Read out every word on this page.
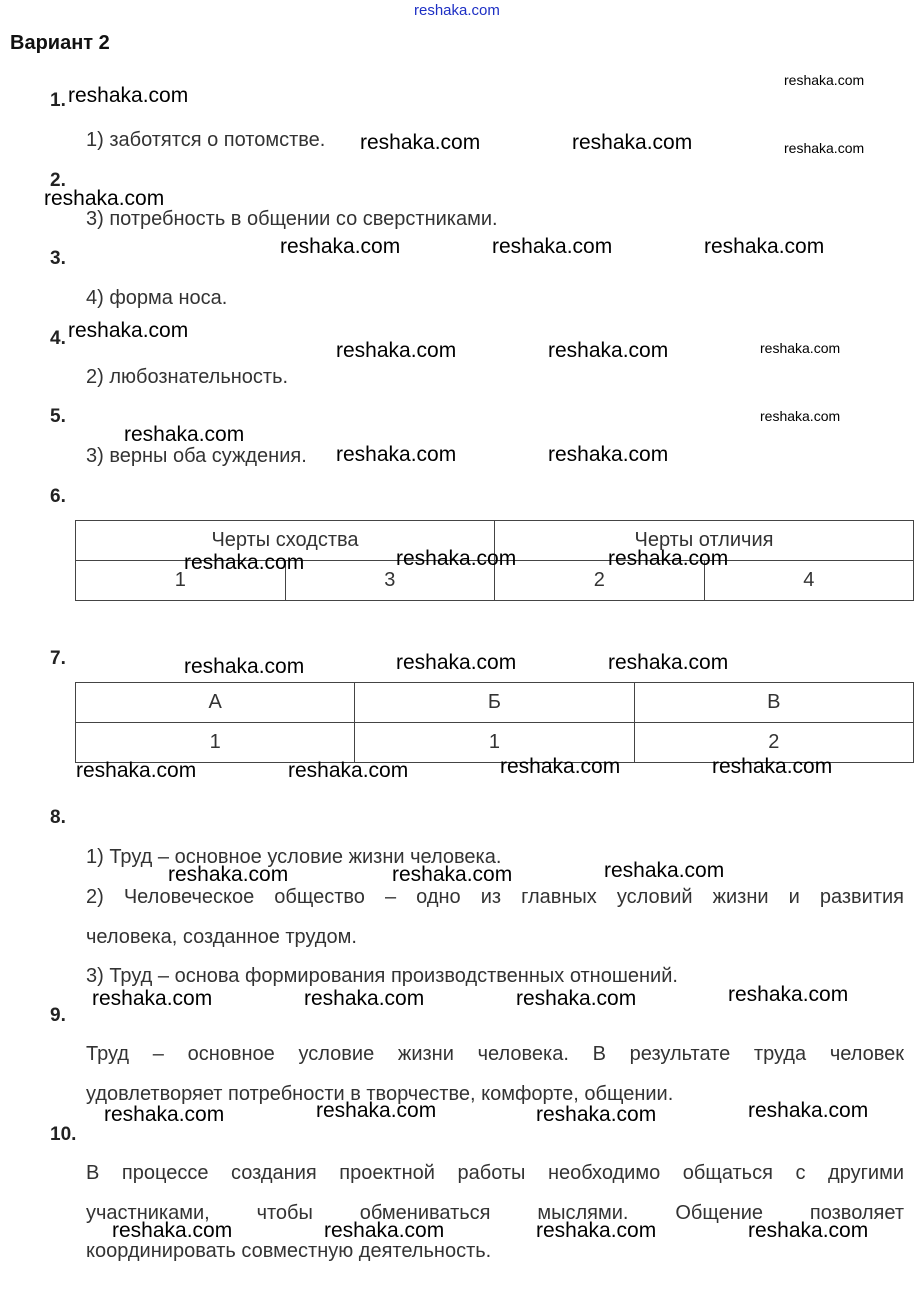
reshaka.com
Вариант 2
1.
1) заботятся о потомстве.
2.
3) потребность в общении со сверстниками.
3.
4) форма носа.
4.
2) любознательность.
5.
3) верны оба суждения.
6.
Черты сходства		Черты отличия	
1	3	2	4
7.
А	Б	В
1	1	2
8.
1) Труд – основное условие жизни человека.
2) Человеческое общество – одно из главных условий жизни и развития
человека, созданное трудом.
3) Труд – основа формирования производственных отношений.
9.
Труд – основное условие жизни человека. В результате труда человек
удовлетворяет потребности в творчестве, комфорте, общении.
10.
В процессе создания проектной работы необходимо общаться с другими
участниками, чтобы обмениваться мыслями. Общение позволяет
координировать совместную деятельность.
reshaka.com
reshaka.com
reshaka.com	reshaka.com	reshaka.com
reshaka.com
reshaka.com	reshaka.com	reshaka.com
reshaka.com
reshaka.com	reshaka.com	reshaka.com
reshaka.com
reshaka.com
reshaka.com	reshaka.com
reshaka.com	reshaka.com	reshaka.com
reshaka.com	reshaka.com	reshaka.com
reshaka.com	reshaka.com	reshaka.com	reshaka.com
reshaka.com	reshaka.com	reshaka.com
reshaka.com	reshaka.com	reshaka.com	reshaka.com
reshaka.com	reshaka.com	reshaka.com	reshaka.com
reshaka.com	reshaka.com	reshaka.com	reshaka.com
